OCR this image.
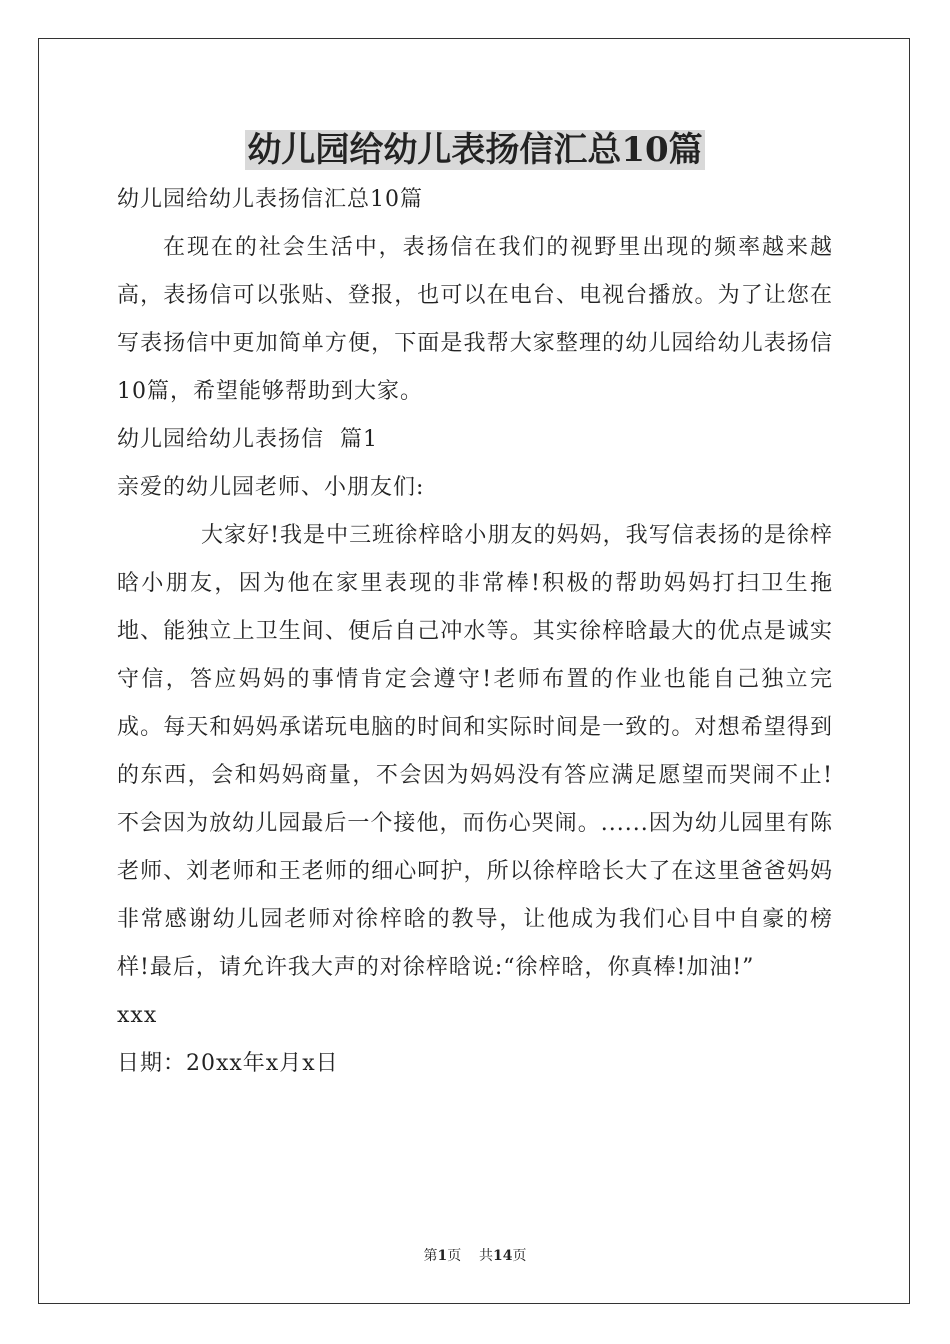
幼儿园给幼儿表扬信汇总10篇

幼儿园给幼儿表扬信汇总10篇

在现在的社会生活中，表扬信在我们的视野里出现的频率越来越高，表扬信可以张贴、登报，也可以在电台、电视台播放。为了让您在写表扬信中更加简单方便，下面是我帮大家整理的幼儿园给幼儿表扬信10篇，希望能够帮助到大家。

幼儿园给幼儿表扬信  篇1

亲爱的幼儿园老师、小朋友们:

大家好!我是中三班徐梓晗小朋友的妈妈，我写信表扬的是徐梓晗小朋友，因为他在家里表现的非常棒!积极的帮助妈妈打扫卫生拖地、能独立上卫生间、便后自己冲水等。其实徐梓晗最大的优点是诚实守信，答应妈妈的事情肯定会遵守!老师布置的作业也能自己独立完成。每天和妈妈承诺玩电脑的时间和实际时间是一致的。对想希望得到的东西，会和妈妈商量，不会因为妈妈没有答应满足愿望而哭闹不止!不会因为放幼儿园最后一个接他，而伤心哭闹。......因为幼儿园里有陈老师、刘老师和王老师的细心呵护，所以徐梓晗长大了在这里爸爸妈妈非常感谢幼儿园老师对徐梓晗的教导，让他成为我们心目中自豪的榜样!最后，请允许我大声的对徐梓晗说:“徐梓晗，你真棒!加油!”

xxx

日期：20xx年x月x日

第1页 共14页
